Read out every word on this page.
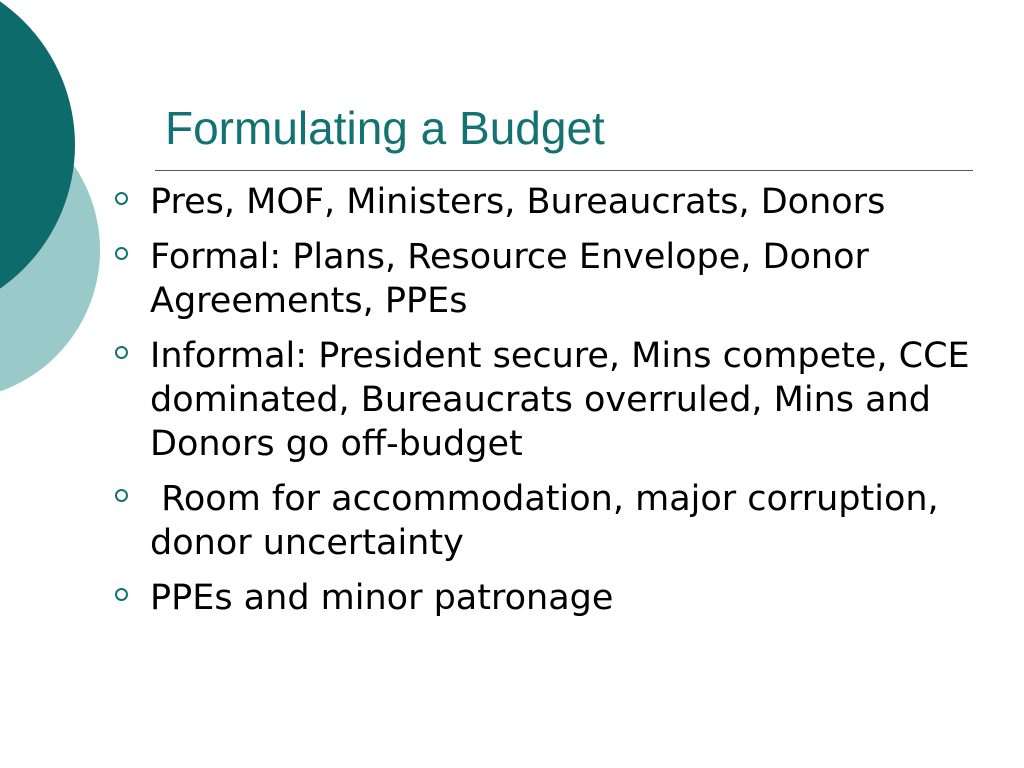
Formulating a Budget
Pres, MOF, Ministers, Bureaucrats, Donors
Formal: Plans, Resource Envelope, Donor Agreements, PPEs
Informal: President secure, Mins compete, CCE dominated, Bureaucrats overruled, Mins and Donors go off-budget
Room for accommodation, major corruption, donor uncertainty
PPEs and minor patronage
